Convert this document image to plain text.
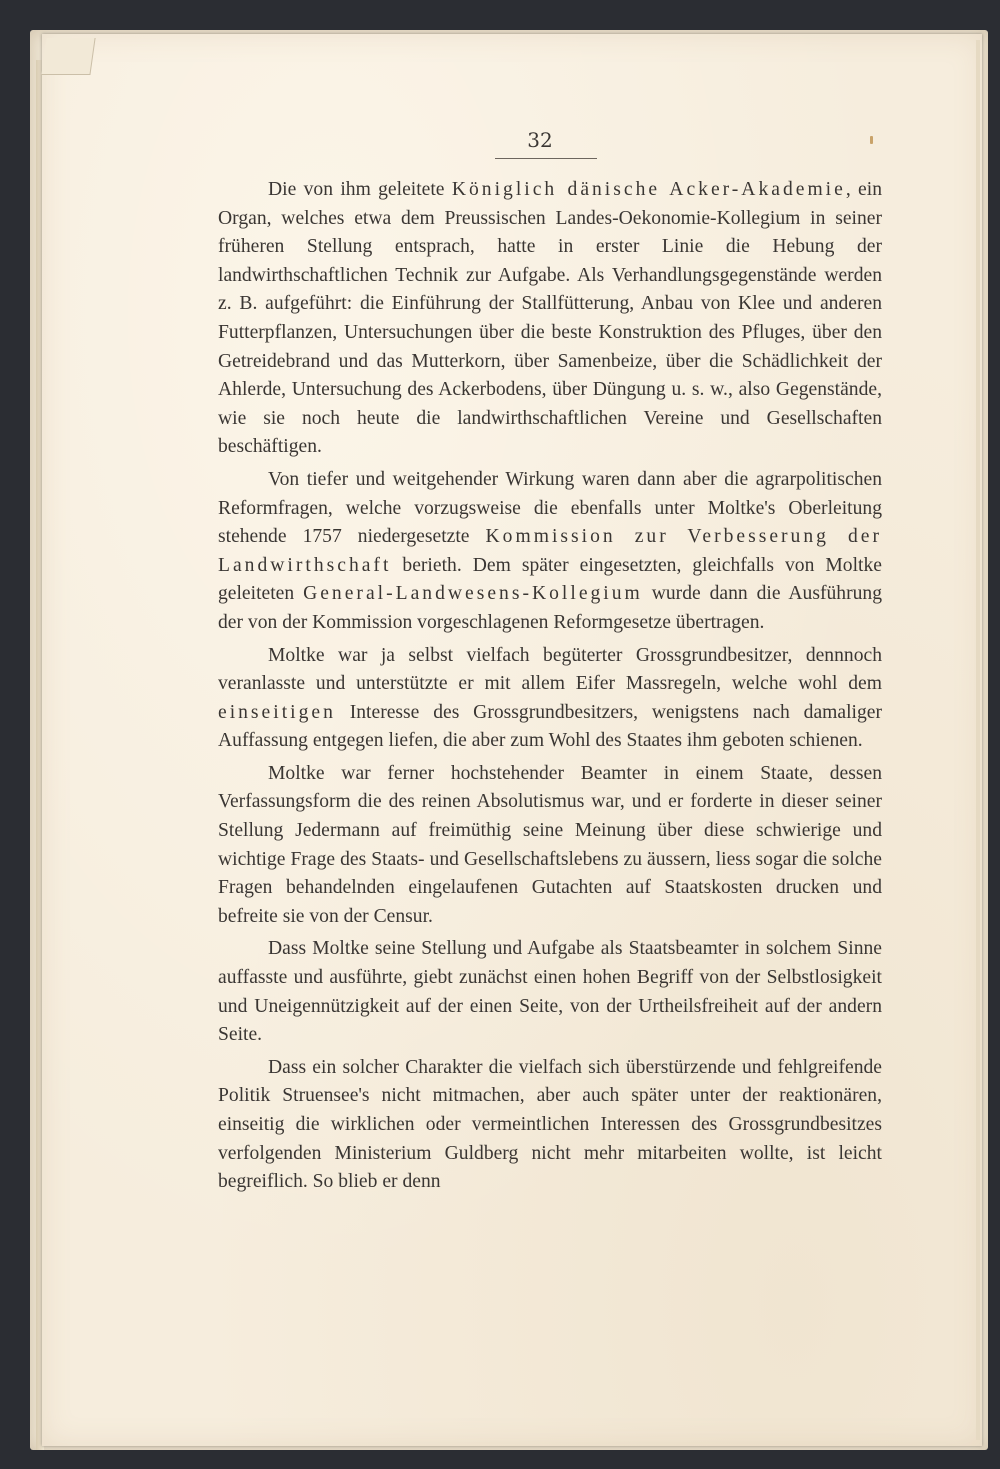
32

Die von ihm geleitete Königlich dänische Acker-Akademie, ein Organ, welches etwa dem Preussischen Landes-Oekonomie-Kollegium in seiner früheren Stellung entsprach, hatte in erster Linie die Hebung der landwirthschaftlichen Technik zur Aufgabe. Als Verhandlungsgegenstände werden z. B. aufgeführt: die Einführung der Stallfütterung, Anbau von Klee und anderen Futterpflanzen, Untersuchungen über die beste Konstruktion des Pfluges, über den Getreidebrand und das Mutterkorn, über Samenbeize, über die Schädlichkeit der Ahlerde, Untersuchung des Ackerbodens, über Düngung u. s. w., also Gegenstände, wie sie noch heute die landwirthschaftlichen Vereine und Gesellschaften beschäftigen.

Von tiefer und weitgehender Wirkung waren dann aber die agrarpolitischen Reformfragen, welche vorzugsweise die ebenfalls unter Moltke's Oberleitung stehende 1757 niedergesetzte Kommission zur Verbesserung der Landwirthschaft berieth. Dem später eingesetzten, gleichfalls von Moltke geleiteten General-Landwesens-Kollegium wurde dann die Ausführung der von der Kommission vorgeschlagenen Reformgesetze übertragen.

Moltke war ja selbst vielfach begüterter Grossgrundbesitzer, dennnoch veranlasste und unterstützte er mit allem Eifer Massregeln, welche wohl dem einseitigen Interesse des Grossgrundbesitzers, wenigstens nach damaliger Auffassung entgegen liefen, die aber zum Wohl des Staates ihm geboten schienen.

Moltke war ferner hochstehender Beamter in einem Staate, dessen Verfassungsform die des reinen Absolutismus war, und er forderte in dieser seiner Stellung Jedermann auf freimüthig seine Meinung über diese schwierige und wichtige Frage des Staats- und Gesellschaftslebens zu äussern, liess sogar die solche Fragen behandelnden eingelaufenen Gutachten auf Staatskosten drucken und befreite sie von der Censur.

Dass Moltke seine Stellung und Aufgabe als Staatsbeamter in solchem Sinne auffasste und ausführte, giebt zunächst einen hohen Begriff von der Selbstlosigkeit und Uneigennützigkeit auf der einen Seite, von der Urtheilsfreiheit auf der andern Seite.

Dass ein solcher Charakter die vielfach sich überstürzende und fehlgreifende Politik Struensee's nicht mitmachen, aber auch später unter der reaktionären, einseitig die wirklichen oder vermeintlichen Interessen des Grossgrundbesitzes verfolgenden Ministerium Guldberg nicht mehr mitarbeiten wollte, ist leicht begreiflich. So blieb er denn
